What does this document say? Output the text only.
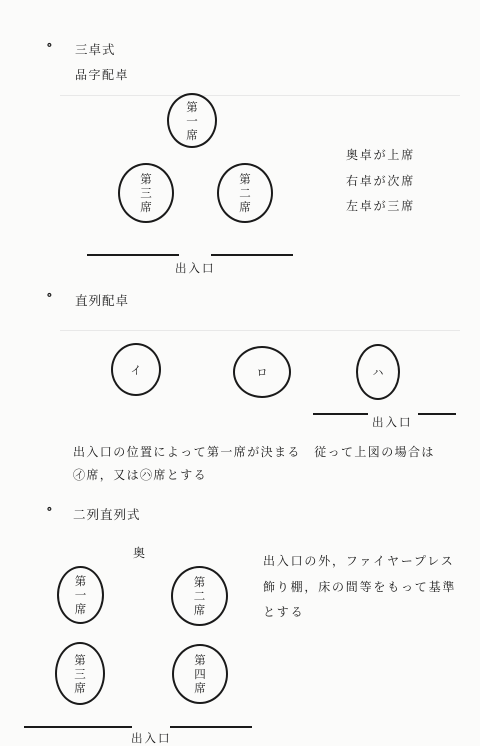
∘ 三卓式
品字配卓
第
一
席
第
三
席
第
二
席
奥卓が上席
右卓が次席
左卓が三席
出入口
∘ 直列配卓
イ	ロ	ハ
出入口
出入口の位置によって第一席が決まる　従って上図の場合は
㋑席，又は㋩席とする
∘ 二列直列式
奥
第
一
席
第
二
席
第
三
席
第
四
席
出入口の外，ファイヤープレス
飾り棚，床の間等をもって基準
とする
出入口
